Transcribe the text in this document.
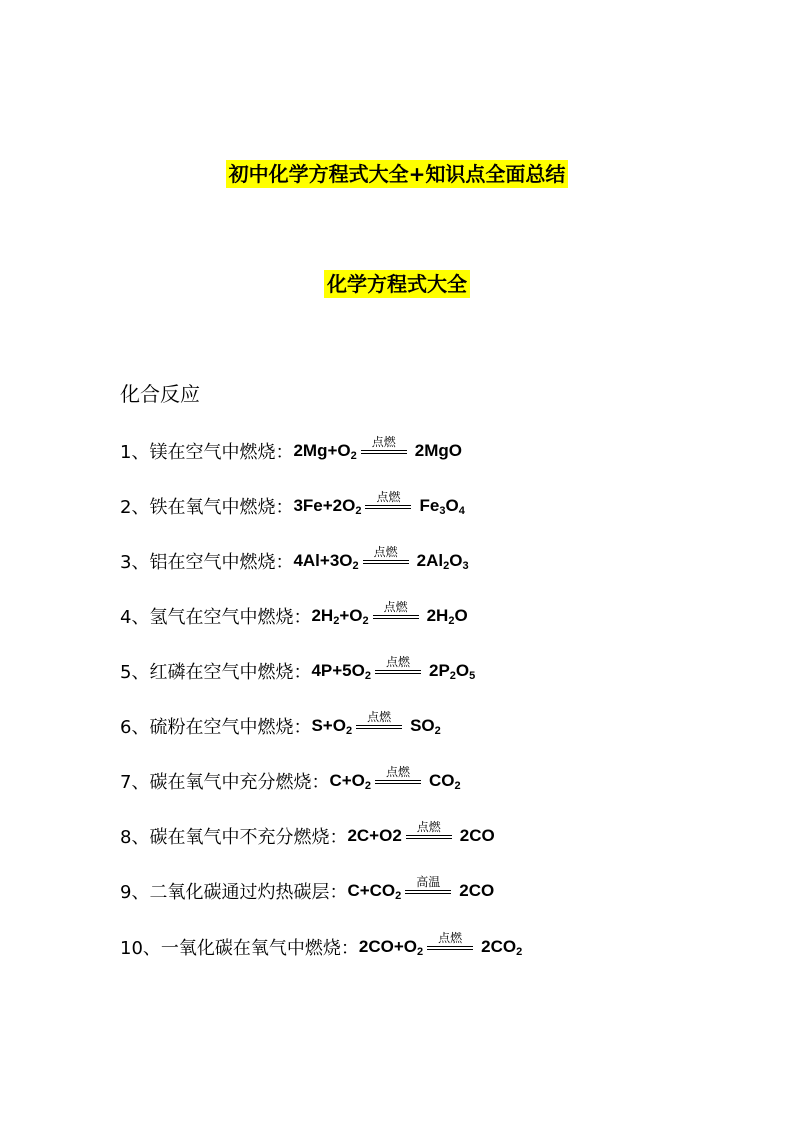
初中化学方程式大全+知识点全面总结
化学方程式大全
化合反应
1、镁在空气中燃烧： $2Mg+O_2$
点燃	2MgO
2、铁在氧气中燃烧： $3Fe+2O_2$
点燃	$Fe_3O_4$
3、铝在空气中燃烧： $4Al+3O_2$
点燃	$2Al_2O_3$
4、氢气在空气中燃烧： $2H_2+O_2$
点燃	$2H_2O$
5、红磷在空气中燃烧： $4P+5O_2$
点燃	$2P_2O_5$
6、硫粉在空气中燃烧： $S+O_2$
点燃	$SO_2$
7、碳在氧气中充分燃烧： $C+O_2$
点燃	$CO_2$
8、碳在氧气中不充分燃烧： 2C+O2	点燃	2CO
9、二氧化碳通过灼热碳层： $C+CO_2$
高温	2CO
10、一氧化碳在氧气中燃烧： $2CO+O_2$
点燃	$2CO_2$
